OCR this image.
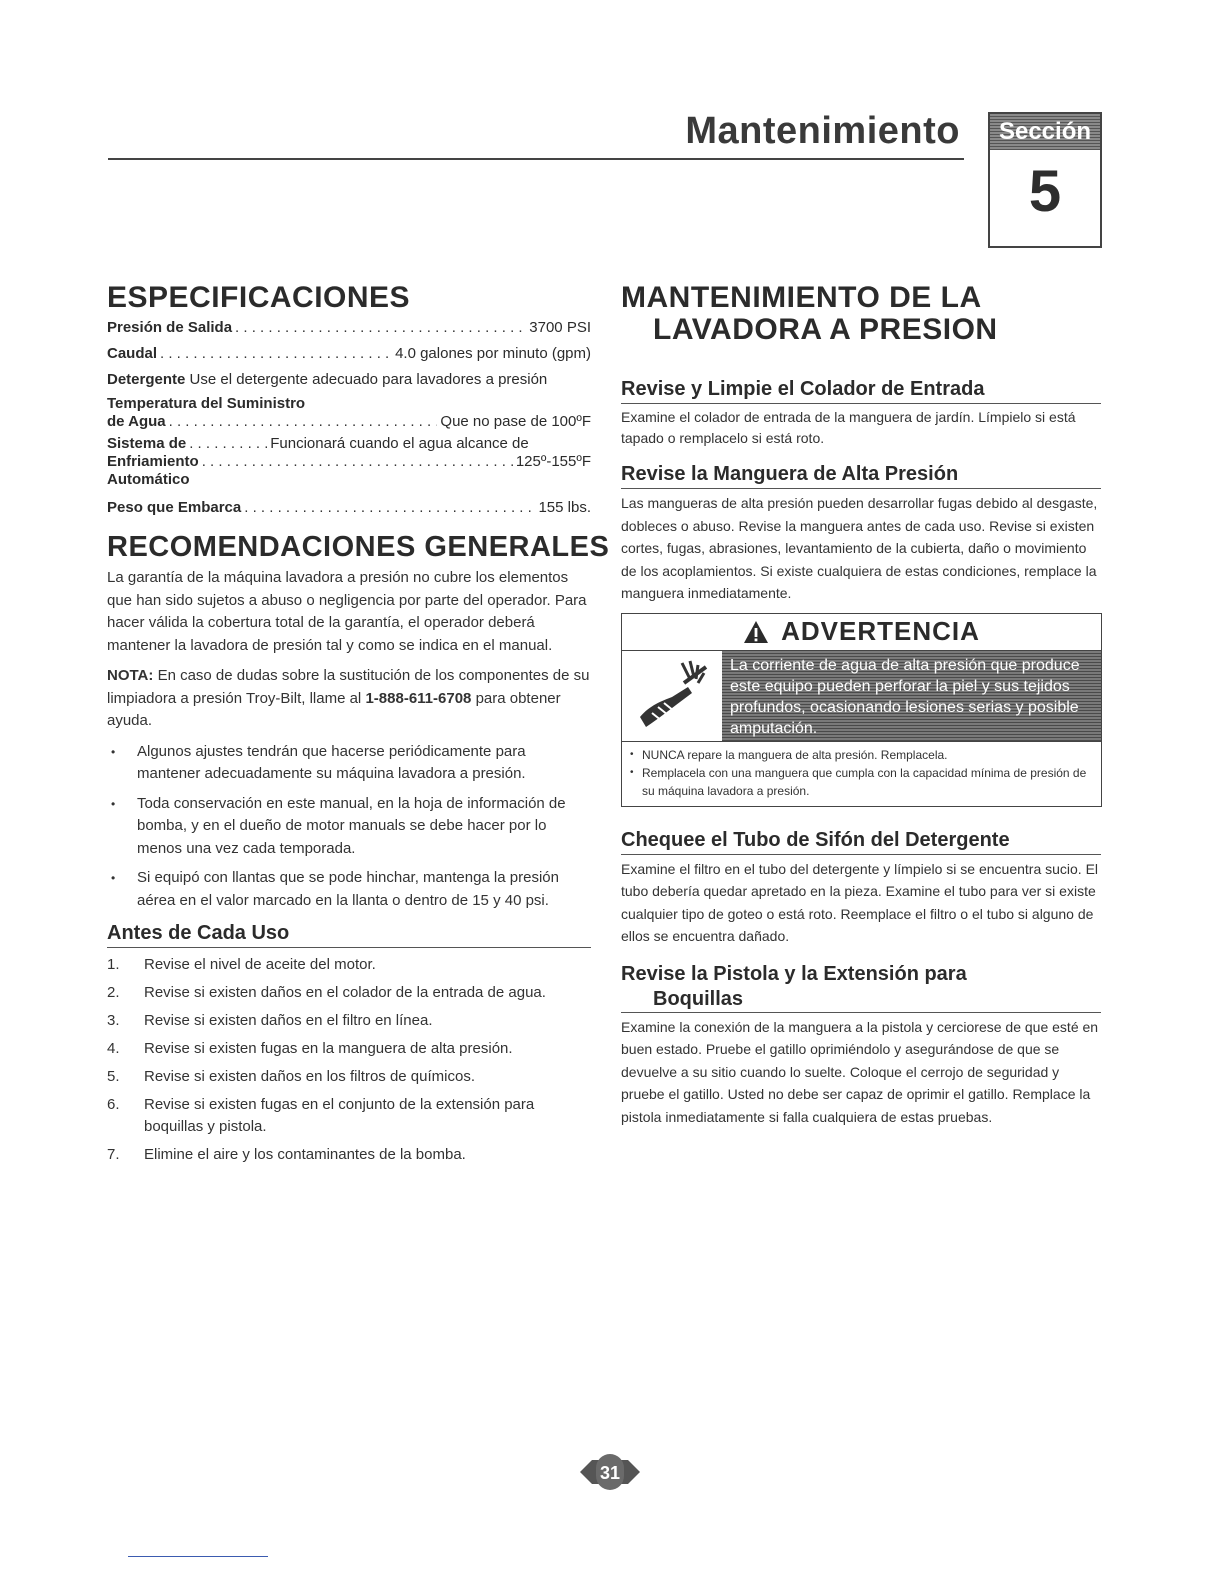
Mantenimiento	Sección
5
ESPECIFICACIONES
Presión de Salida . . .	3700 PSI
Caudal . . .	4.0 galones por minuto (gpm)
Detergente Use el detergente adecuado para lavadores a presión
Temperatura del Suministro
de Agua . . .	Que no pase de 100ºF
Sistema de . . .	Funcionará cuando el agua alcance de
Enfriamiento . . .	125º-155ºF
Automático
Peso que Embarca . . .	155 lbs.
RECOMENDACIONES GENERALES

La garantía de la máquina lavadora a presión no cubre los elementos que han sido sujetos a abuso o negligencia por parte del operador. Para hacer válida la cobertura total de la garantía, el operador deberá mantener la lavadora de presión tal y como se indica en el manual.

NOTA: En caso de dudas sobre la sustitución de los componentes de su limpiadora a presión Troy-Bilt, llame al 1-888-611-6708 para obtener ayuda.

• Algunos ajustes tendrán que hacerse periódicamente para mantener adecuadamente su máquina lavadora a presión.
• Toda conservación en este manual, en la hoja de información de bomba, y en el dueño de motor manuals se debe hacer por lo menos una vez cada temporada.
• Si equipó con llantas que se pode hinchar, mantenga la presión aérea en el valor marcado en la llanta o dentro de 15 y 40 psi.
Antes de Cada Uso
1. Revise el nivel de aceite del motor.
2. Revise si existen daños en el colador de la entrada de agua.
3. Revise si existen daños en el filtro en línea.
4. Revise si existen fugas en la manguera de alta presión.
5. Revise si existen daños en los filtros de químicos.
6. Revise si existen fugas en el conjunto de la extensión para boquillas y pistola.
7. Elimine el aire y los contaminantes de la bomba.
MANTENIMIENTO DE LA
LAVADORA A PRESION
Revise y Limpie el Colador de Entrada

Examine el colador de entrada de la manguera de jardín. Límpielo si está tapado o remplacelo si está roto.

Revise la Manguera de Alta Presión

Las mangueras de alta presión pueden desarrollar fugas debido al desgaste, dobleces o abuso. Revise la manguera antes de cada uso. Revise si existen cortes, fugas, abrasiones, levantamiento de la cubierta, daño o movimiento de los acoplamientos. Si existe cualquiera de estas condiciones, remplace la manguera inmediatamente.

ADVERTENCIA
La corriente de agua de alta presión que produce este equipo pueden perforar la piel y sus tejidos profundos, ocasionando lesiones serias y posible amputación.
• NUNCA repare la manguera de alta presión. Remplacela.
• Remplacela con una manguera que cumpla con la capacidad mínima de presión de su máquina lavadora a presión.
Chequee el Tubo de Sifón del Detergente

Examine el filtro en el tubo del detergente y límpielo si se encuentra sucio. El tubo debería quedar apretado en la pieza. Examine el tubo para ver si existe cualquier tipo de goteo o está roto. Reemplace el filtro o el tubo si alguno de ellos se encuentra dañado.

Revise la Pistola y la Extensión para
Boquillas

Examine la conexión de la manguera a la pistola y cerciorese de que esté en buen estado. Pruebe el gatillo oprimiéndolo y asegurándose de que se devuelve a su sitio cuando lo suelte. Coloque el cerrojo de seguridad y pruebe el gatillo. Usted no debe ser capaz de oprimir el gatillo. Remplace la pistola inmediatamente si falla cualquiera de estas pruebas.

31
